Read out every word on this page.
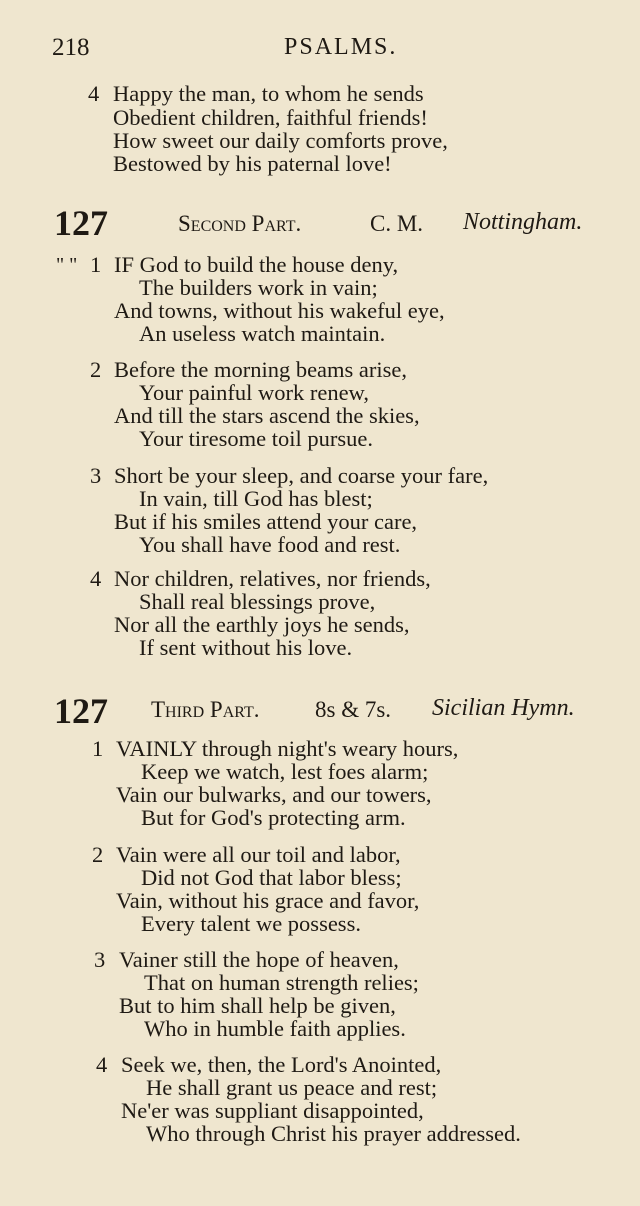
218	PSALMS.
4 Happy the man, to whom he sends
Obedient children, faithful friends!
How sweet our daily comforts prove,
Bestowed by his paternal love!
127	Second Part.	C. M. Nottingham.
" " 1 IF God to build the house deny,
The builders work in vain;
And towns, without his wakeful eye,
An useless watch maintain.
2 Before the morning beams arise,
Your painful work renew,
And till the stars ascend the skies,
Your tiresome toil pursue.
3 Short be your sleep, and coarse your fare,
In vain, till God has blest;
But if his smiles attend your care,
You shall have food and rest.
4 Nor children, relatives, nor friends,
Shall real blessings prove,
Nor all the earthly joys he sends,
If sent without his love.
127 Third Part. 8s & 7s. Sicilian Hymn.
1 VAINLY through night's weary hours,
Keep we watch, lest foes alarm;
Vain our bulwarks, and our towers,
But for God's protecting arm.
2 Vain were all our toil and labor,
Did not God that labor bless;
Vain, without his grace and favor,
Every talent we possess.
3 Vainer still the hope of heaven,
That on human strength relies;
But to him shall help be given,
Who in humble faith applies.
4 Seek we, then, the Lord's Anointed,
He shall grant us peace and rest;
Ne'er was suppliant disappointed,
Who through Christ his prayer addressed.
